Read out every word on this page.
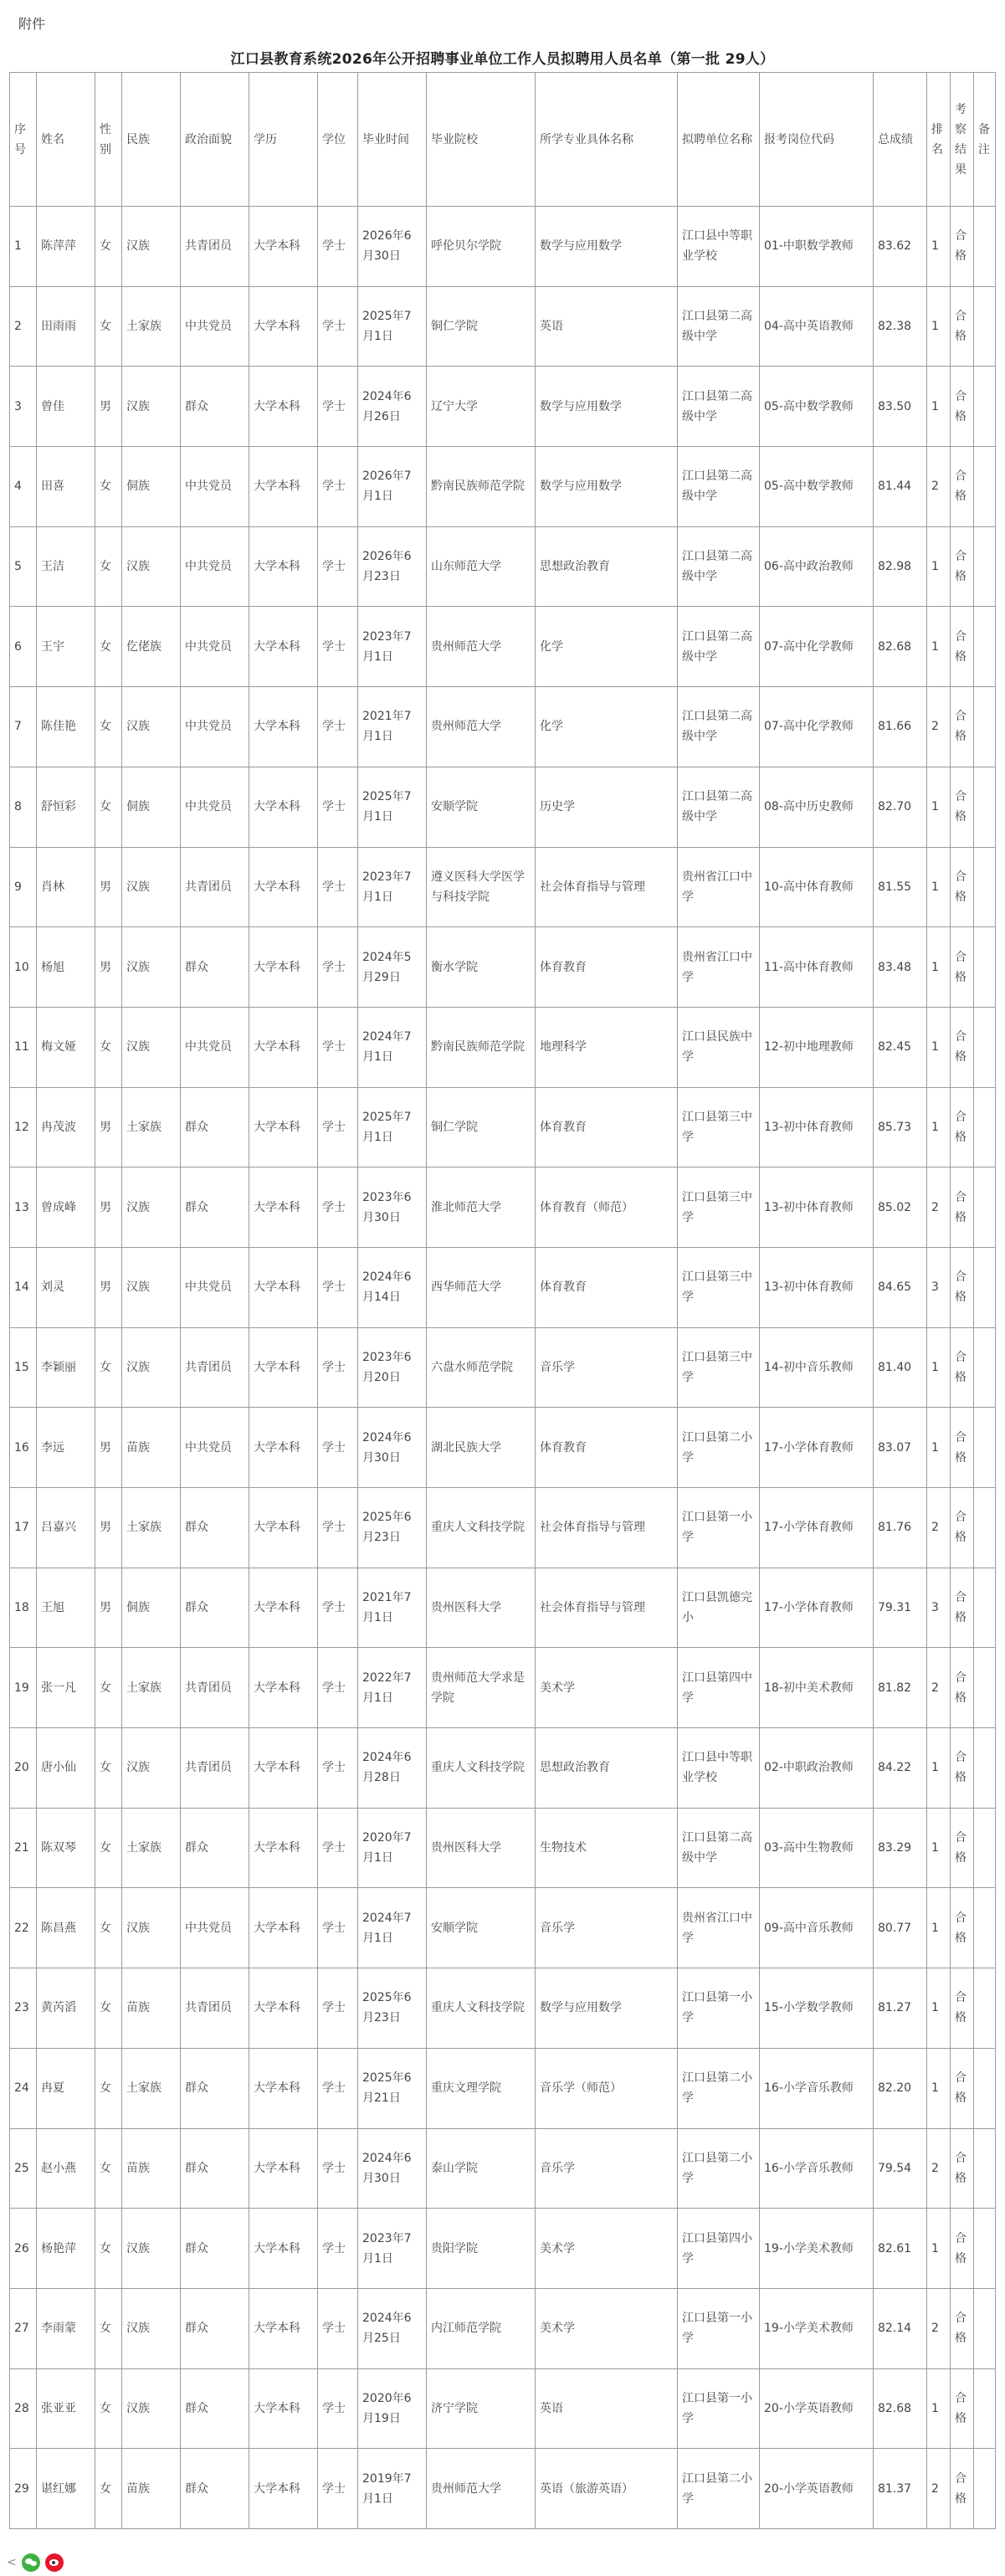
附件
江口县教育系统2026年公开招聘事业单位工作人员拟聘用人员名单（第一批 29人）
序号	姓名	性别	民族	政治面貌	学历	学位	毕业时间	毕业院校	所学专业具体名称	拟聘单位名称	报考岗位代码	总成绩	排名	考察结果	备注
1	陈萍萍	女	汉族	共青团员	大学本科	学士	2026年6月30日	呼伦贝尔学院	数学与应用数学	江口县中等职业学校	01-中职数学教师	83.62	1	合格	
2	田雨雨	女	土家族	中共党员	大学本科	学士	2025年7月1日	铜仁学院	英语	江口县第二高级中学	04-高中英语教师	82.38	1	合格	
3	曾佳	男	汉族	群众	大学本科	学士	2024年6月26日	辽宁大学	数学与应用数学	江口县第二高级中学	05-高中数学教师	83.50	1	合格	
4	田喜	女	侗族	中共党员	大学本科	学士	2026年7月1日	黔南民族师范学院	数学与应用数学	江口县第二高级中学	05-高中数学教师	81.44	2	合格	
5	王洁	女	汉族	中共党员	大学本科	学士	2026年6月23日	山东师范大学	思想政治教育	江口县第二高级中学	06-高中政治教师	82.98	1	合格	
6	王宇	女	仡佬族	中共党员	大学本科	学士	2023年7月1日	贵州师范大学	化学	江口县第二高级中学	07-高中化学教师	82.68	1	合格	
7	陈佳艳	女	汉族	中共党员	大学本科	学士	2021年7月1日	贵州师范大学	化学	江口县第二高级中学	07-高中化学教师	81.66	2	合格	
8	舒恒彩	女	侗族	中共党员	大学本科	学士	2025年7月1日	安顺学院	历史学	江口县第二高级中学	08-高中历史教师	82.70	1	合格	
9	肖林	男	汉族	共青团员	大学本科	学士	2023年7月1日	遵义医科大学医学与科技学院	社会体育指导与管理	贵州省江口中学	10-高中体育教师	81.55	1	合格	
10	杨旭	男	汉族	群众	大学本科	学士	2024年5月29日	衡水学院	体育教育	贵州省江口中学	11-高中体育教师	83.48	1	合格	
11	梅文娅	女	汉族	中共党员	大学本科	学士	2024年7月1日	黔南民族师范学院	地理科学	江口县民族中学	12-初中地理教师	82.45	1	合格	
12	冉茂波	男	土家族	群众	大学本科	学士	2025年7月1日	铜仁学院	体育教育	江口县第三中学	13-初中体育教师	85.73	1	合格	
13	曾成峰	男	汉族	群众	大学本科	学士	2023年6月30日	淮北师范大学	体育教育（师范）	江口县第三中学	13-初中体育教师	85.02	2	合格	
14	刘灵	男	汉族	中共党员	大学本科	学士	2024年6月14日	西华师范大学	体育教育	江口县第三中学	13-初中体育教师	84.65	3	合格	
15	李颖丽	女	汉族	共青团员	大学本科	学士	2023年6月20日	六盘水师范学院	音乐学	江口县第三中学	14-初中音乐教师	81.40	1	合格	
16	李远	男	苗族	中共党员	大学本科	学士	2024年6月30日	湖北民族大学	体育教育	江口县第二小学	17-小学体育教师	83.07	1	合格	
17	吕嘉兴	男	土家族	群众	大学本科	学士	2025年6月23日	重庆人文科技学院	社会体育指导与管理	江口县第一小学	17-小学体育教师	81.76	2	合格	
18	王旭	男	侗族	群众	大学本科	学士	2021年7月1日	贵州医科大学	社会体育指导与管理	江口县凯德完小	17-小学体育教师	79.31	3	合格	
19	张一凡	女	土家族	共青团员	大学本科	学士	2022年7月1日	贵州师范大学求是学院	美术学	江口县第四中学	18-初中美术教师	81.82	2	合格	
20	唐小仙	女	汉族	共青团员	大学本科	学士	2024年6月28日	重庆人文科技学院	思想政治教育	江口县中等职业学校	02-中职政治教师	84.22	1	合格	
21	陈双琴	女	土家族	群众	大学本科	学士	2020年7月1日	贵州医科大学	生物技术	江口县第二高级中学	03-高中生物教师	83.29	1	合格	
22	陈昌燕	女	汉族	中共党员	大学本科	学士	2024年7月1日	安顺学院	音乐学	贵州省江口中学	09-高中音乐教师	80.77	1	合格	
23	黄芮滔	女	苗族	共青团员	大学本科	学士	2025年6月23日	重庆人文科技学院	数学与应用数学	江口县第一小学	15-小学数学教师	81.27	1	合格	
24	冉夏	女	土家族	群众	大学本科	学士	2025年6月21日	重庆文理学院	音乐学（师范）	江口县第二小学	16-小学音乐教师	82.20	1	合格	
25	赵小燕	女	苗族	群众	大学本科	学士	2024年6月30日	泰山学院	音乐学	江口县第二小学	16-小学音乐教师	79.54	2	合格	
26	杨艳萍	女	汉族	群众	大学本科	学士	2023年7月1日	贵阳学院	美术学	江口县第四小学	19-小学美术教师	82.61	1	合格	
27	李雨蒙	女	汉族	群众	大学本科	学士	2024年6月25日	内江师范学院	美术学	江口县第一小学	19-小学美术教师	82.14	2	合格	
28	张亚亚	女	汉族	群众	大学本科	学士	2020年6月19日	济宁学院	英语	江口县第一小学	20-小学英语教师	82.68	1	合格	
29	谌红娜	女	苗族	群众	大学本科	学士	2019年7月1日	贵州师范大学	英语（旅游英语）	江口县第二小学	20-小学英语教师	81.37	2	合格	
<
